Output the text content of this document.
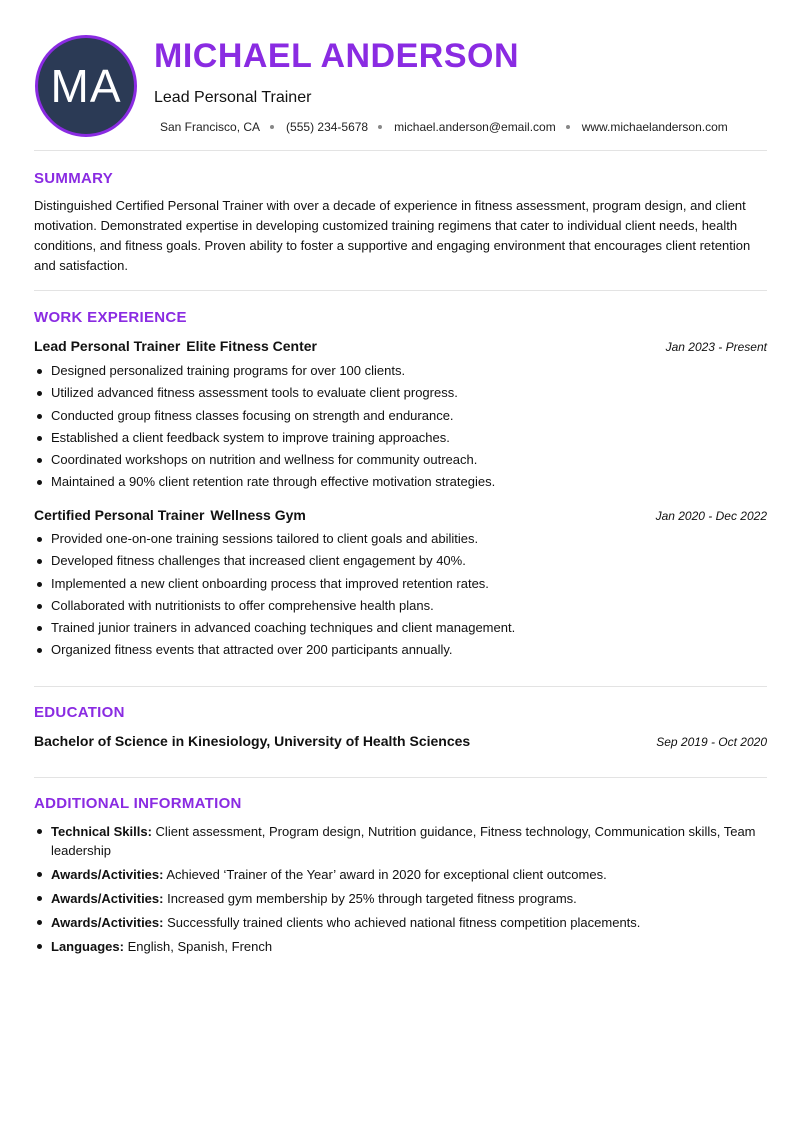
MA
MICHAEL ANDERSON
Lead Personal Trainer
San Francisco, CA (555) 234-5678 michael.anderson@email.com www.michaelanderson.com
SUMMARY
Distinguished Certified Personal Trainer with over a decade of experience in fitness assessment, program design, and client motivation. Demonstrated expertise in developing customized training regimens that cater to individual client needs, health conditions, and fitness goals. Proven ability to foster a supportive and engaging environment that encourages client retention and satisfaction.
WORK EXPERIENCE
Lead Personal Trainer Elite Fitness Center	Jan 2023 - Present
Designed personalized training programs for over 100 clients.
Utilized advanced fitness assessment tools to evaluate client progress.
Conducted group fitness classes focusing on strength and endurance.
Established a client feedback system to improve training approaches.
Coordinated workshops on nutrition and wellness for community outreach.
Maintained a 90% client retention rate through effective motivation strategies.
Certified Personal Trainer Wellness Gym	Jan 2020 - Dec 2022
Provided one-on-one training sessions tailored to client goals and abilities.
Developed fitness challenges that increased client engagement by 40%.
Implemented a new client onboarding process that improved retention rates.
Collaborated with nutritionists to offer comprehensive health plans.
Trained junior trainers in advanced coaching techniques and client management.
Organized fitness events that attracted over 200 participants annually.
EDUCATION
Bachelor of Science in Kinesiology, University of Health Sciences	Sep 2019 - Oct 2020
ADDITIONAL INFORMATION
Technical Skills: Client assessment, Program design, Nutrition guidance, Fitness technology, Communication skills, Team leadership
Awards/Activities: Achieved ‘Trainer of the Year’ award in 2020 for exceptional client outcomes.
Awards/Activities: Increased gym membership by 25% through targeted fitness programs.
Awards/Activities: Successfully trained clients who achieved national fitness competition placements.
Languages: English, Spanish, French
